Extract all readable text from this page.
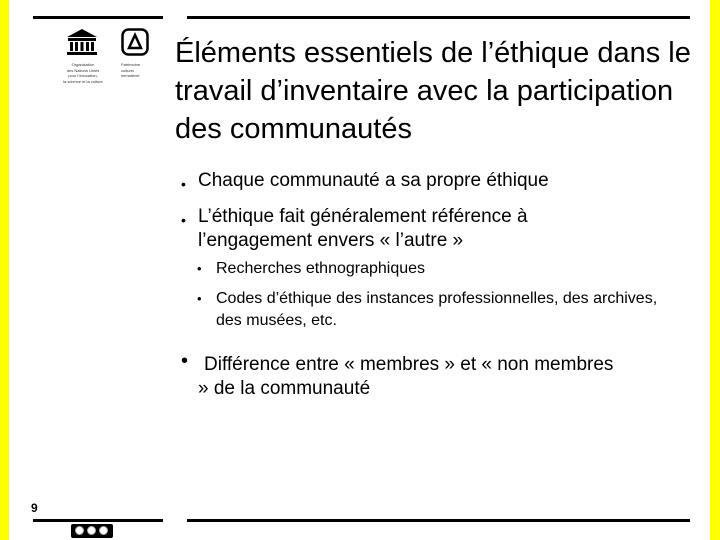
Organisation
des Nations Unies
pour l’éducation,
la science et la culture
Patrimoine
culturel
immatériel
Éléments essentiels de l’éthique dans le travail d’inventaire avec la participation des communautés
• Chaque communauté a sa propre éthique
• L’éthique fait généralement référence à l’engagement envers « l’autre »
• Recherches ethnographiques
• Codes d’éthique des instances professionnelles, des archives, des musées, etc.
• Différence entre « membres » et « non membres » de la communauté
9
